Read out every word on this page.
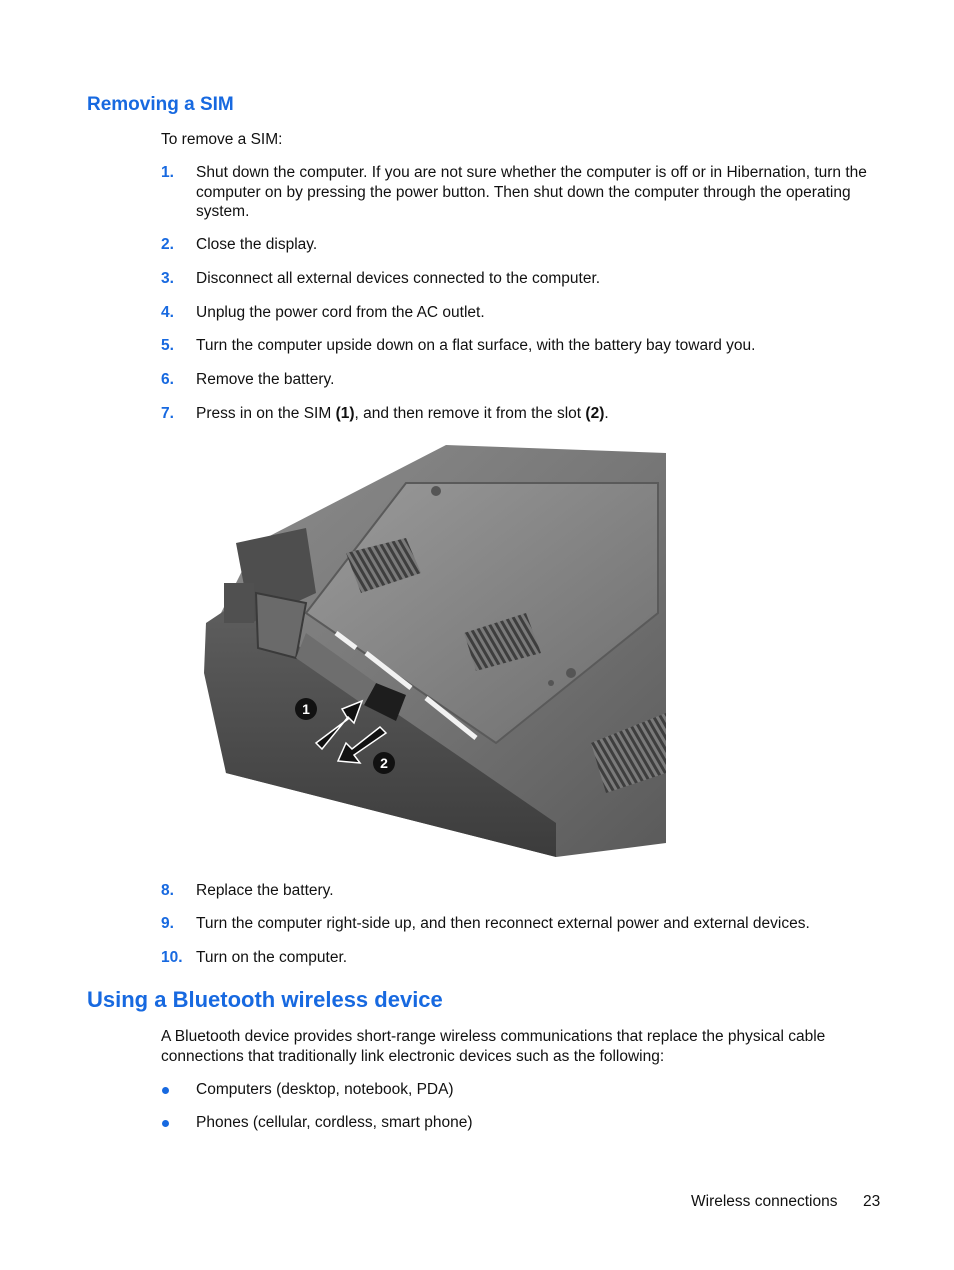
Removing a SIM

To remove a SIM:

1. Shut down the computer. If you are not sure whether the computer is off or in Hibernation, turn the computer on by pressing the power button. Then shut down the computer through the operating system.
2. Close the display.
3. Disconnect all external devices connected to the computer.
4. Unplug the power cord from the AC outlet.
5. Turn the computer upside down on a flat surface, with the battery bay toward you.
6. Remove the battery.
7. Press in on the SIM (1), and then remove it from the slot (2).
1
2
8. Replace the battery.
9. Turn the computer right-side up, and then reconnect external power and external devices.
10. Turn on the computer.
Using a Bluetooth wireless device

A Bluetooth device provides short-range wireless communications that replace the physical cable connections that traditionally link electronic devices such as the following:

Computers (desktop, notebook, PDA)
Phones (cellular, cordless, smart phone)
Wireless connections 23
